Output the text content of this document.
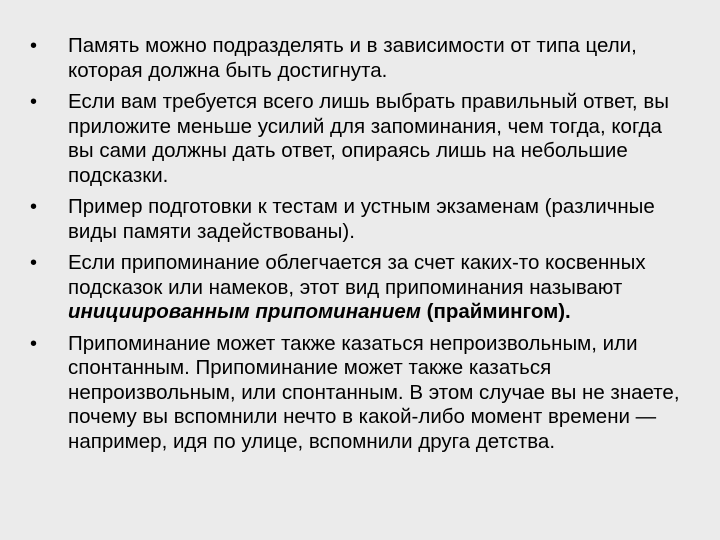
•	Память можно подразделять и в зависимости от типа цели, которая должна быть достигнута.
•	Если вам требуется всего лишь выбрать правильный ответ, вы приложите меньше усилий для запоминания, чем тогда, когда вы сами должны дать ответ, опираясь лишь на небольшие подсказки.
•	Пример подготовки к тестам и устным экзаменам (различные виды памяти задействованы).
•	Если припоминание облегчается за счет каких-то косвенных подсказок или намеков, этот вид припоминания называют инициированным припоминанием (праймингом).
•	Припоминание может также казаться непроизвольным, или спонтанным. Припоминание может также казаться непроизвольным, или спонтанным. В этом случае вы не знаете, почему вы вспомнили нечто в какой-либо момент времени — например, идя по улице, вспомнили друга детства.
